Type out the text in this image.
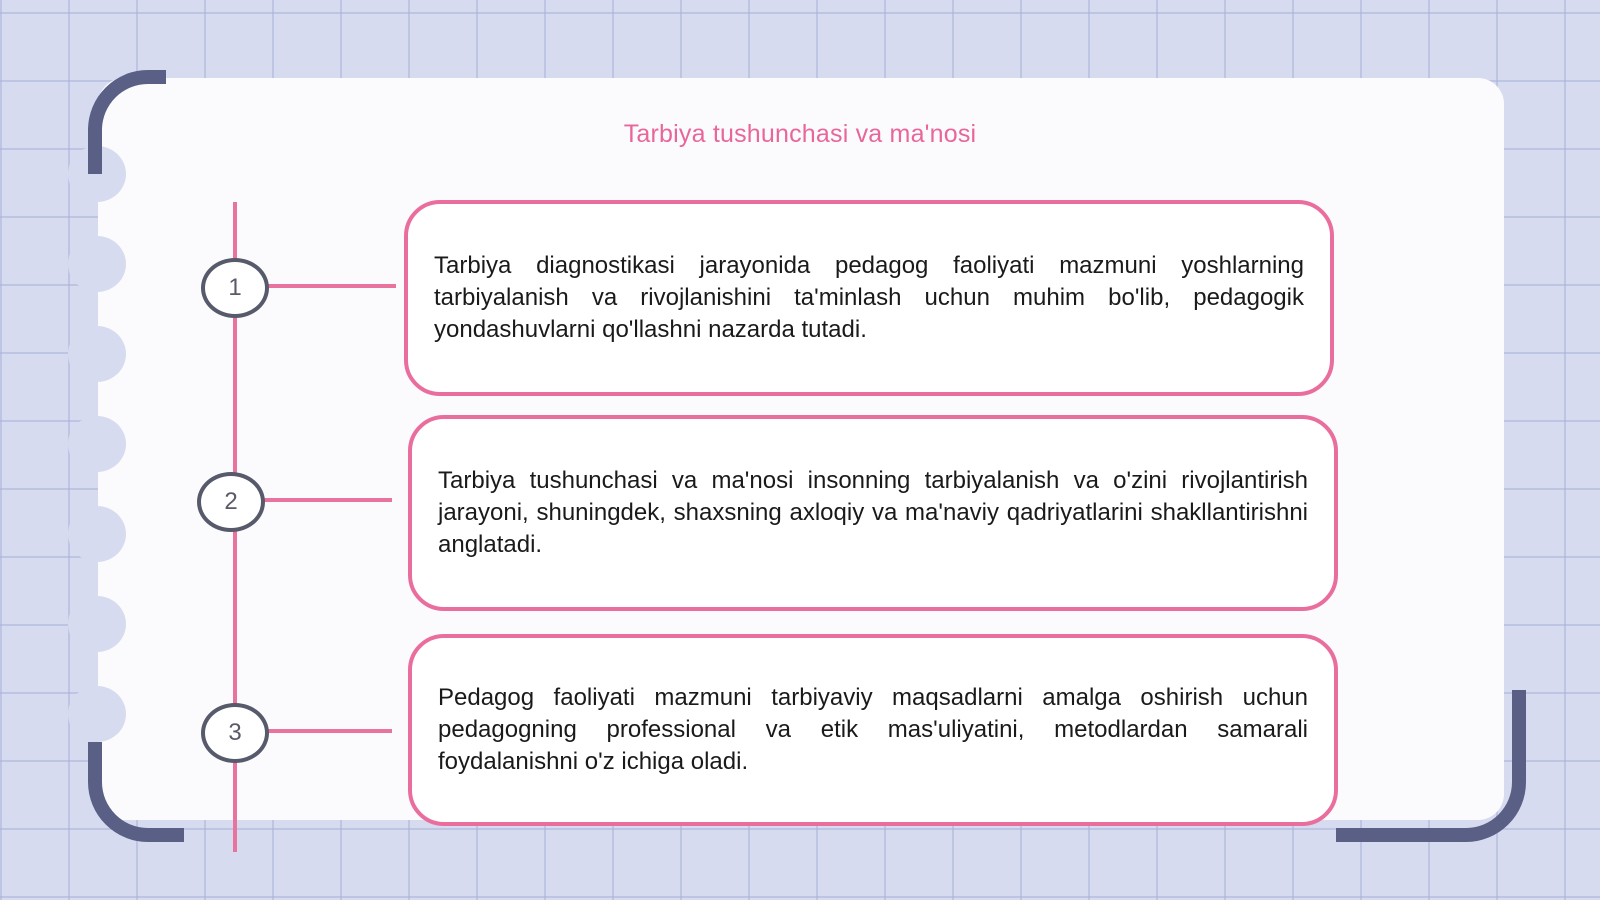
Tarbiya tushunchasi va ma'nosi
1

Tarbiya diagnostikasi jarayonida pedagog faoliyati mazmuni yoshlarning tarbiyalanish va rivojlanishini ta'minlash uchun muhim bo'lib, pedagogik yondashuvlarni qo'llashni nazarda tutadi.

2

Tarbiya tushunchasi va ma'nosi insonning tarbiyalanish va o'zini rivojlantirish jarayoni, shuningdek, shaxsning axloqiy va ma'naviy qadriyatlarini shakllantirishni anglatadi.

3

Pedagog faoliyati mazmuni tarbiyaviy maqsadlarni amalga oshirish uchun pedagogning professional va etik mas'uliyatini, metodlardan samarali foydalanishni o'z ichiga oladi.
